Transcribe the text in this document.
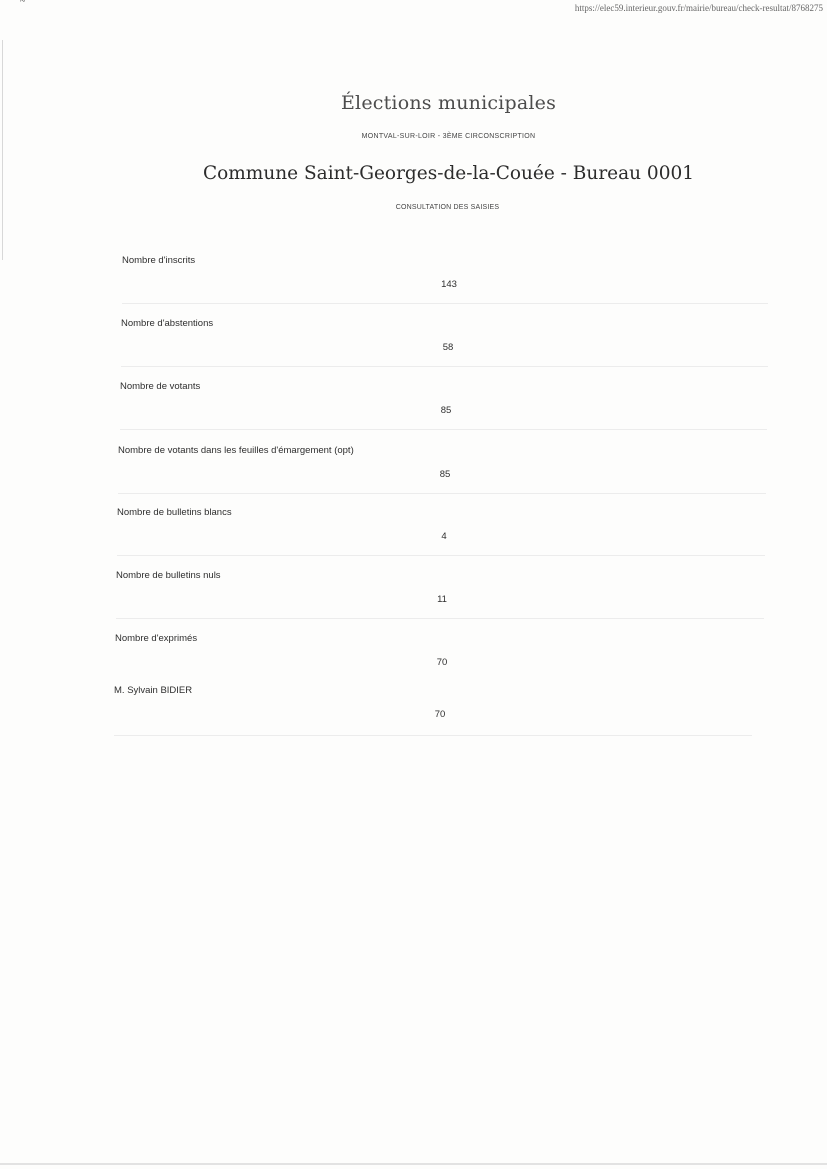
~
https://elec59.interieur.gouv.fr/mairie/bureau/check-resultat/8768275
Élections municipales
MONTVAL-SUR-LOIR - 3ÈME CIRCONSCRIPTION
Commune Saint-Georges-de-la-Couée - Bureau 0001
CONSULTATION DES SAISIES
Nombre d'inscrits
143
Nombre d'abstentions
58
Nombre de votants
85
Nombre de votants dans les feuilles d'émargement (opt)
85
Nombre de bulletins blancs
4
Nombre de bulletins nuls
11
Nombre d'exprimés
70
M. Sylvain BIDIER
70
